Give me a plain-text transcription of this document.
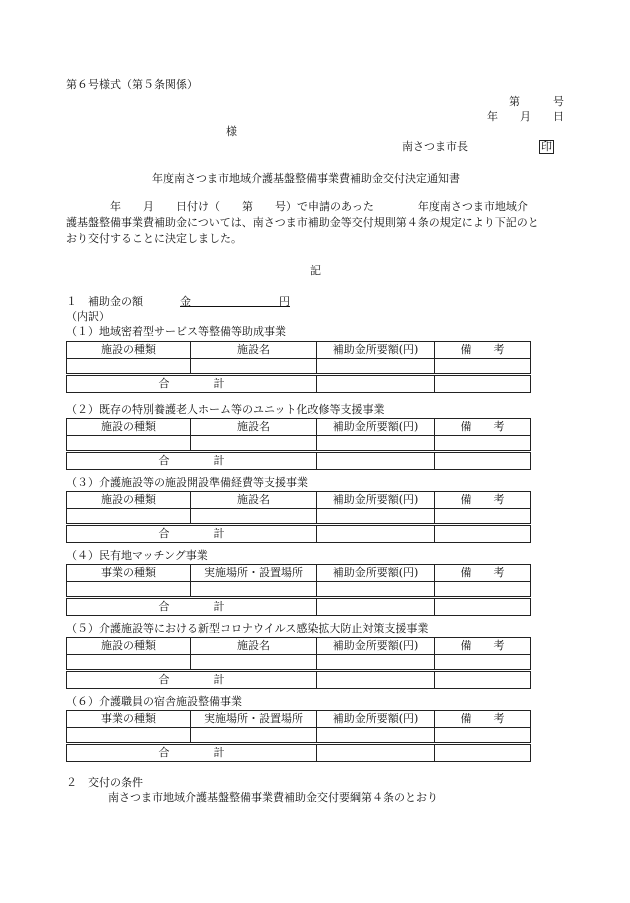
第６号様式（第５条関係）
第　　　号
年　　月　　日
様
南さつま市長	印
年度南さつま市地域介護基盤整備事業費補助金交付決定通知書
　　　　年　　月　　日付け（　　第　　号）で申請のあった　　　　年度南さつま市地域介
護基盤整備事業費補助金については、南さつま市補助金等交付規則第４条の規定により下記のと
おり交付することに決定しました。
記
１　補助金の額	金　　　　　　　　円
（内訳）
（１）地域密着型サービス等整備等助成事業
施設の種類	施設名	補助金所要額(円)	備　　考

合　　　　計			
（２）既存の特別養護老人ホーム等のユニット化改修等支援事業
施設の種類	施設名	補助金所要額(円)	備　　考

合　　　　計			
（３）介護施設等の施設開設準備経費等支援事業
施設の種類	施設名	補助金所要額(円)	備　　考

合　　　　計			
（４）民有地マッチング事業
事業の種類	実施場所・設置場所	補助金所要額(円)	備　　考

合　　　　計			
（５）介護施設等における新型コロナウイルス感染拡大防止対策支援事業
施設の種類	施設名	補助金所要額(円)	備　　考

合　　　　計			
（６）介護職員の宿舎施設整備事業
事業の種類	実施場所・設置場所	補助金所要額(円)	備　　考

合　　　　計			
２　交付の条件
南さつま市地域介護基盤整備事業費補助金交付要綱第４条のとおり
